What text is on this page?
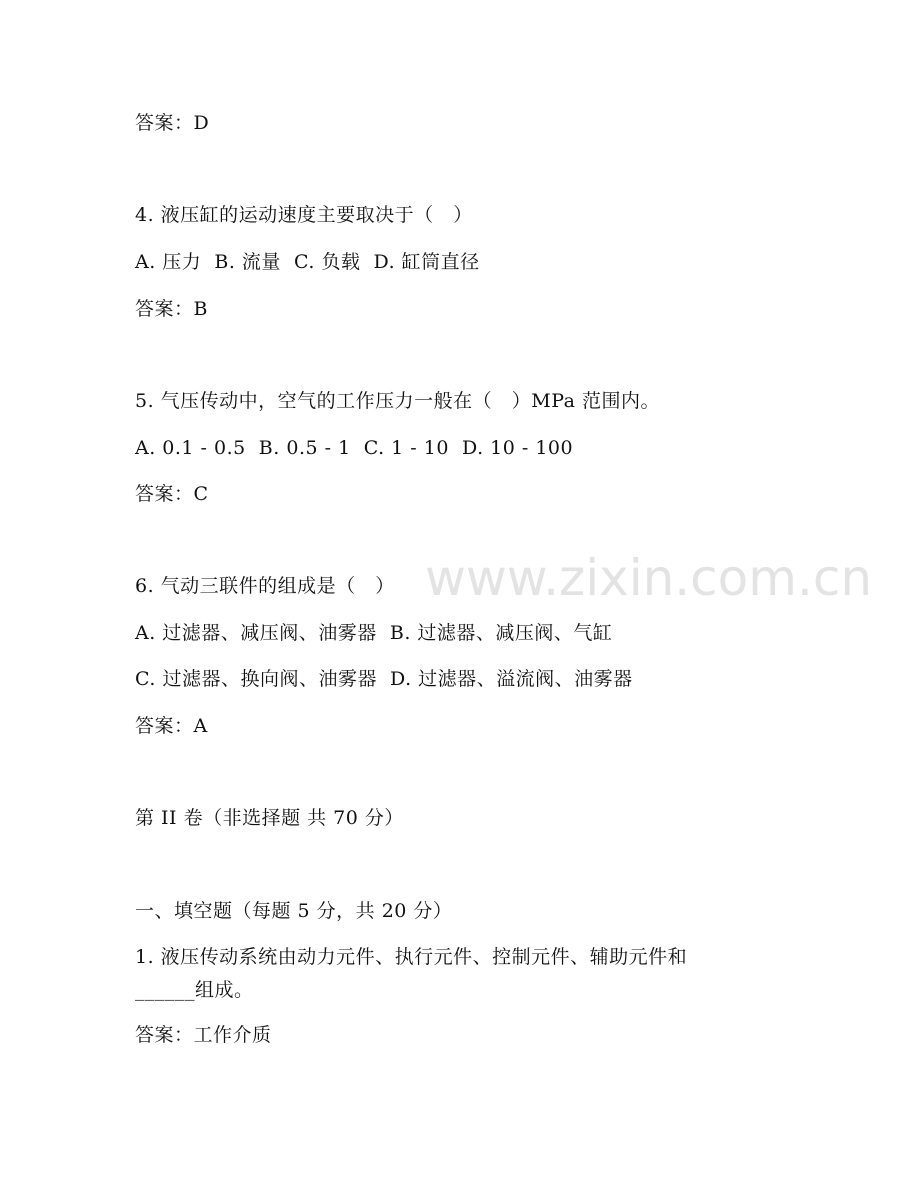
www.zixin.com.cn
答案：D
4. 液压缸的运动速度主要取决于（   ）
A. 压力  B. 流量  C. 负载  D. 缸筒直径
答案：B
5. 气压传动中，空气的工作压力一般在（   ）MPa 范围内。
A. 0.1 - 0.5  B. 0.5 - 1  C. 1 - 10  D. 10 - 100
答案：C
6. 气动三联件的组成是（   ）
A. 过滤器、减压阀、油雾器  B. 过滤器、减压阀、气缸
C. 过滤器、换向阀、油雾器  D. 过滤器、溢流阀、油雾器
答案：A
第 II 卷（非选择题 共 70 分）
一、填空题（每题 5 分，共 20 分）
1. 液压传动系统由动力元件、执行元件、控制元件、辅助元件和
______组成。
答案：工作介质
